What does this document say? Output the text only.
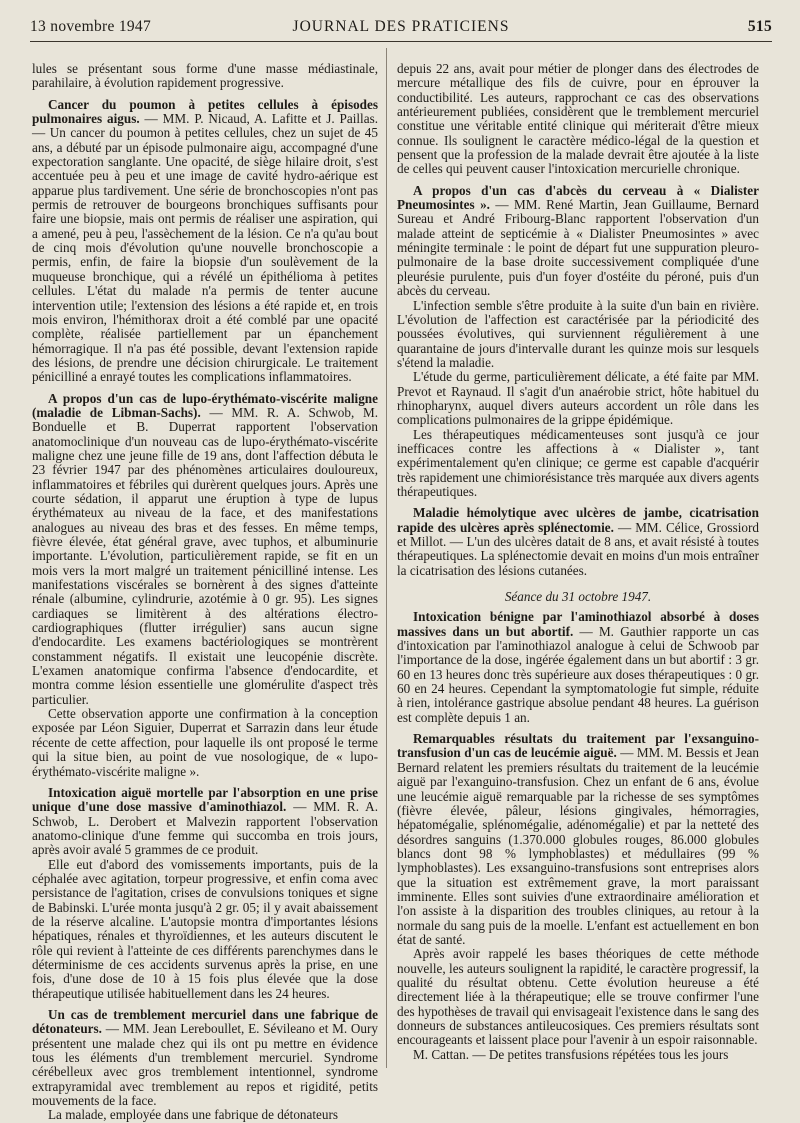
13 novembre 1947	JOURNAL DES PRATICIENS	515

lules se présentant sous forme d'une masse médiastinale, parahilaire, à évolution rapidement progressive.

Cancer du poumon à petites cellules à épisodes pulmonaires aigus. — MM. P. Nicaud, A. Lafitte et J. Paillas. — Un cancer du poumon à petites cellules, chez un sujet de 45 ans, a débuté par un épisode pulmonaire aigu, accompagné d'une expectoration sanglante. Une opacité, de siège hilaire droit, s'est accentuée peu à peu et une image de cavité hydro-aérique est apparue plus tardivement. Une série de bronchoscopies n'ont pas permis de retrouver de bourgeons bronchiques suffisants pour faire une biopsie, mais ont permis de réaliser une aspiration, qui a amené, peu à peu, l'assèchement de la lésion. Ce n'a qu'au bout de cinq mois d'évolution qu'une nouvelle bronchoscopie a permis, enfin, de faire la biopsie d'un soulèvement de la muqueuse bronchique, qui a révélé un épithélioma à petites cellules. L'état du malade n'a permis de tenter aucune intervention utile; l'extension des lésions a été rapide et, en trois mois environ, l'hémithorax droit a été comblé par une opacité complète, réalisée partiellement par un épanchement hémorragique. Il n'a pas été possible, devant l'extension rapide des lésions, de prendre une décision chirurgicale. Le traitement pénicilliné a enrayé toutes les complications inflammatoires.

A propos d'un cas de lupo-érythémato-viscérite maligne (maladie de Libman-Sachs). — MM. R. A. Schwob, M. Bonduelle et B. Duperrat rapportent l'observation anatomoclinique d'un nouveau cas de lupo-érythémato-viscérite maligne chez une jeune fille de 19 ans, dont l'affection débuta le 23 février 1947 par des phénomènes articulaires douloureux, inflammatoires et fébriles qui durèrent quelques jours. Après une courte sédation, il apparut une éruption à type de lupus érythémateux au niveau de la face, et des manifestations analogues au niveau des bras et des fesses. En même temps, fièvre élevée, état général grave, avec tuphos, et albuminurie importante. L'évolution, particulièrement rapide, se fit en un mois vers la mort malgré un traitement pénicilliné intense. Les manifestations viscérales se bornèrent à des signes d'atteinte rénale (albumine, cylindrurie, azotémie à 0 gr. 95). Les signes cardiaques se limitèrent à des altérations électro-cardiographiques (flutter irrégulier) sans aucun signe d'endocardite. Les examens bactériologiques se montrèrent constamment négatifs. Il existait une leucopénie discrète. L'examen anatomique confirma l'absence d'endocardite, et montra comme lésion essentielle une glomérulite d'aspect très particulier.

Cette observation apporte une confirmation à la conception exposée par Léon Siguier, Duperrat et Sarrazin dans leur étude récente de cette affection, pour laquelle ils ont proposé le terme qui la situe bien, au point de vue nosologique, de « lupo-érythémato-viscérite maligne ».

Intoxication aiguë mortelle par l'absorption en une prise unique d'une dose massive d'aminothiazol. — MM. R. A. Schwob, L. Derobert et Malvezin rapportent l'observation anatomo-clinique d'une femme qui succomba en trois jours, après avoir avalé 5 grammes de ce produit.

Elle eut d'abord des vomissements importants, puis de la céphalée avec agitation, torpeur progressive, et enfin coma avec persistance de l'agitation, crises de convulsions toniques et signe de Babinski. L'urée monta jusqu'à 2 gr. 05; il y avait abaissement de la réserve alcaline. L'autopsie montra d'importantes lésions hépatiques, rénales et thyroïdiennes, et les auteurs discutent le rôle qui revient à l'atteinte de ces différents parenchymes dans le déterminisme de ces accidents survenus après la prise, en une fois, d'une dose de 10 à 15 fois plus élevée que la dose thérapeutique utilisée habituellement dans les 24 heures.

Un cas de tremblement mercuriel dans une fabrique de détonateurs. — MM. Jean Lereboullet, E. Sévileano et M. Oury présentent une malade chez qui ils ont pu mettre en évidence tous les éléments d'un tremblement mercuriel. Syndrome cérébelleux avec gros tremblement intentionnel, syndrome extrapyramidal avec tremblement au repos et rigidité, petits mouvements de la face.

La malade, employée dans une fabrique de détonateurs

depuis 22 ans, avait pour métier de plonger dans des électrodes de mercure métallique des fils de cuivre, pour en éprouver la conductibilité. Les auteurs, rapprochant ce cas des observations antérieurement publiées, considèrent que le tremblement mercuriel constitue une véritable entité clinique qui mériterait d'être mieux connue. Ils soulignent le caractère médico-légal de la question et pensent que la profession de la malade devrait être ajoutée à la liste de celles qui peuvent causer l'intoxication mercurielle chronique.

A propos d'un cas d'abcès du cerveau à « Dialister Pneumosintes ». — MM. René Martin, Jean Guillaume, Bernard Sureau et André Fribourg-Blanc rapportent l'observation d'un malade atteint de septicémie à « Dialister Pneumosintes » avec méningite terminale : le point de départ fut une suppuration pleuro-pulmonaire de la base droite successivement compliquée d'une pleurésie purulente, puis d'un foyer d'ostéite du péroné, puis d'un abcès du cerveau.

L'infection semble s'être produite à la suite d'un bain en rivière. L'évolution de l'affection est caractérisée par la périodicité des poussées évolutives, qui surviennent régulièrement à une quarantaine de jours d'intervalle durant les quinze mois sur lesquels s'étend la maladie.

L'étude du germe, particulièrement délicate, a été faite par MM. Prevot et Raynaud. Il s'agit d'un anaérobie strict, hôte habituel du rhinopharynx, auquel divers auteurs accordent un rôle dans les complications pulmonaires de la grippe épidémique.

Les thérapeutiques médicamenteuses sont jusqu'à ce jour inefficaces contre les affections à « Dialister », tant expérimentalement qu'en clinique; ce germe est capable d'acquérir très rapidement une chimiorésistance très marquée aux divers agents thérapeutiques.

Maladie hémolytique avec ulcères de jambe, cicatrisation rapide des ulcères après splénectomie. — MM. Célice, Grossiord et Millot. — L'un des ulcères datait de 8 ans, et avait résisté à toutes thérapeutiques. La splénectomie devait en moins d'un mois entraîner la cicatrisation des lésions cutanées.

Séance du 31 octobre 1947.

Intoxication bénigne par l'aminothiazol absorbé à doses massives dans un but abortif. — M. Gauthier rapporte un cas d'intoxication par l'aminothiazol analogue à celui de Schwoob par l'importance de la dose, ingérée également dans un but abortif : 3 gr. 60 en 13 heures donc très supérieure aux doses thérapeutiques : 0 gr. 60 en 24 heures. Cependant la symptomatologie fut simple, réduite à rien, intolérance gastrique absolue pendant 48 heures. La guérison est complète depuis 1 an.

Remarquables résultats du traitement par l'exsanguino-transfusion d'un cas de leucémie aiguë. — MM. M. Bessis et Jean Bernard relatent les premiers résultats du traitement de la leucémie aiguë par l'exanguino-transfusion. Chez un enfant de 6 ans, évolue une leucémie aiguë remarquable par la richesse de ses symptômes (fièvre élevée, pâleur, lésions gingivales, hémorragies, hépatomégalie, splénomégalie, adénomégalie) et par la netteté des désordres sanguins (1.370.000 globules rouges, 86.000 globules blancs dont 98 % lymphoblastes) et médullaires (99 % lymphoblastes). Les exsanguino-transfusions sont entreprises alors que la situation est extrêmement grave, la mort paraissant imminente. Elles sont suivies d'une extraordinaire amélioration et l'on assiste à la disparition des troubles cliniques, au retour à la normale du sang puis de la moelle. L'enfant est actuellement en bon état de santé.

Après avoir rappelé les bases théoriques de cette méthode nouvelle, les auteurs soulignent la rapidité, le caractère progressif, la qualité du résultat obtenu. Cette évolution heureuse a été directement liée à la thérapeutique; elle se trouve confirmer l'une des hypothèses de travail qui envisageait l'existence dans le sang des donneurs de substances antileucosiques. Ces premiers résultats sont encourageants et laissent place pour l'avenir à un espoir raisonnable.

M. Cattan. — De petites transfusions répétées tous les jours
